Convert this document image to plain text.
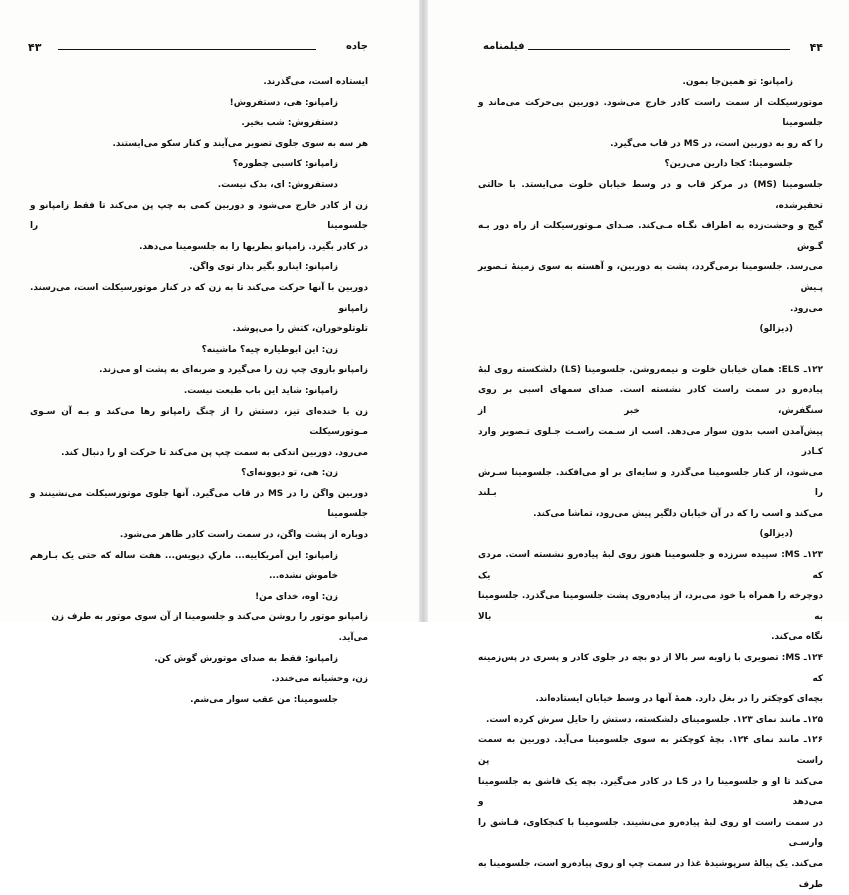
۴۳	جاده

ایستاده است، می‌گذرند.

زامپانو: هی، دستفروش!

دستفروش: شب بخیر.

هر سه به سوی جلوی تصویر می‌آیند و کنار سکو می‌ایستند.

زامپانو: کاسبی چطوره؟

دستفروش: ای، بدک نیست.

زن از کادر خارج می‌شود و دوربین کمی به چپ پن می‌کند تا فقط زامپانو و جلسومینا را

در کادر بگیرد. زامپانو بطریها را به جلسومینا می‌دهد.

زامپانو: اینارو بگیر بذار توی واگن.

دوربین با آنها حرکت می‌کند تا به زن که در کنار موتورسیکلت است، می‌رسند. زامپانو

تلوتلوخوران، کتش را می‌پوشد.

زن: این ابوطیاره چیه؟ ماشینه؟

زامپانو بازوی چپ زن را می‌گیرد و ضربه‌ای به پشت او می‌زند.

زامپانو: شاید این باب طبعت نیست.

زن با خنده‌ای تیز، دستش را از چنگ زامپانو رها می‌کند و بـه آن سـوی مـوتورسیکلت

می‌رود. دوربین اندکی به سمت چپ پن می‌کند تا حرکت او را دنبال کند.

زن: هی، تو دیوونه‌ای؟

دوربین واگن را در MS در قاب می‌گیرد. آنها جلوی موتورسیکلت می‌نشینند و جلسومینا

دوباره از پشت واگن، در سمت راست کادر ظاهر می‌شود.

زامپانو: این آمریکاییه... مارکِ دیویس... هفت ساله که حتی یک بـارهم

خاموش نشده...

زن: اوه، خدای من!

زامپانو موتور را روشن می‌کند و جلسومینا از آن سوی موتور به طرف زن می‌آید.

زامپانو: فقط به صدای موتورش گوش کن.

زن، وحشیانه می‌خندد.

جلسومینا: من عقب سوار می‌شم.

فیلمنامه	۴۴

زامپانو: تو همین‌جا بمون.

موتورسیکلت از سمت راست کادر خارج می‌شود. دوربین بی‌حرکت می‌ماند و جلسومینا

را که رو به دوربین است، در MS در قاب می‌گیرد.

جلسومینا: کجا دارین می‌رین؟

جلسومینا (MS) در مرکز قاب و در وسط خیابان خلوت می‌ایستد. با حالتی تحقیرشده،

گیج و وحشت‌زده به اطراف نگـاه مـی‌کند. صـدای مـوتورسیکلت از راه دور بـه گـوش

می‌رسد. جلسومینا برمی‌گردد، پشت به دوربین، و آهسته به سوی زمینهٔ تـصویر پـیش

می‌رود.

(دیزالو)

۱۲۲ـ ELS: همان خیابان خلوت و نیمه‌روشن. جلسومینا (LS) دلشکسته روی لبهٔ

پیاده‌رو در سمت راست کادر نشسته است. صدای سمهای اسبی بر روی سنگفرش، خبر از

پیش‌آمدن اسب بدون سوار می‌دهد. اسب از سـمت راسـت جـلوی تـصویر وارد کـادر

می‌شود، از کنار جلسومینا می‌گذرد و سایه‌ای بر او می‌افکند. جلسومینا سـرش را بـلند

می‌کند و اسب را که در آن خیابان دلگیر پیش می‌رود، تماشا می‌کند.

(دیزالو)

۱۲۳ـ MS: سپیده سرزده و جلسومینا هنوز روی لبهٔ پیاده‌رو نشسته است. مردی که یک

دوچرخه را همراه با خود می‌برد، از پیاده‌روی پشت جلسومینا می‌گذرد. جلسومینا به بالا

نگاه می‌کند.

۱۲۴ـ MS: تصویری با زاویه سر بالا از دو بچه در جلوی کادر و پسری در پس‌زمینه که

بچه‌ای کوچکتر را در بغل دارد. همهٔ آنها در وسط خیابان ایستاده‌اند.

۱۲۵ـ مانند نمای ۱۲۳. جلسومینای دلشکسته، دستش را حایل سرش کرده است.

۱۲۶ـ مانند نمای ۱۲۴. بچهٔ کوچکتر به سوی جلسومینا می‌آید. دوربین به سمت راست پن

می‌کند تا او و جلسومینا را در LS در کادر می‌گیرد. بچه یک قاشق به جلسومینا می‌دهد و

در سمت راست او روی لبهٔ پیاده‌رو می‌نشیند. جلسومینا با کنجکاوی، قـاشق را وارسـی

می‌کند. یک پیالهٔ سرپوشیدهٔ غذا در سمت چپ او روی پیاده‌رو است، جلسومینا به طرف
